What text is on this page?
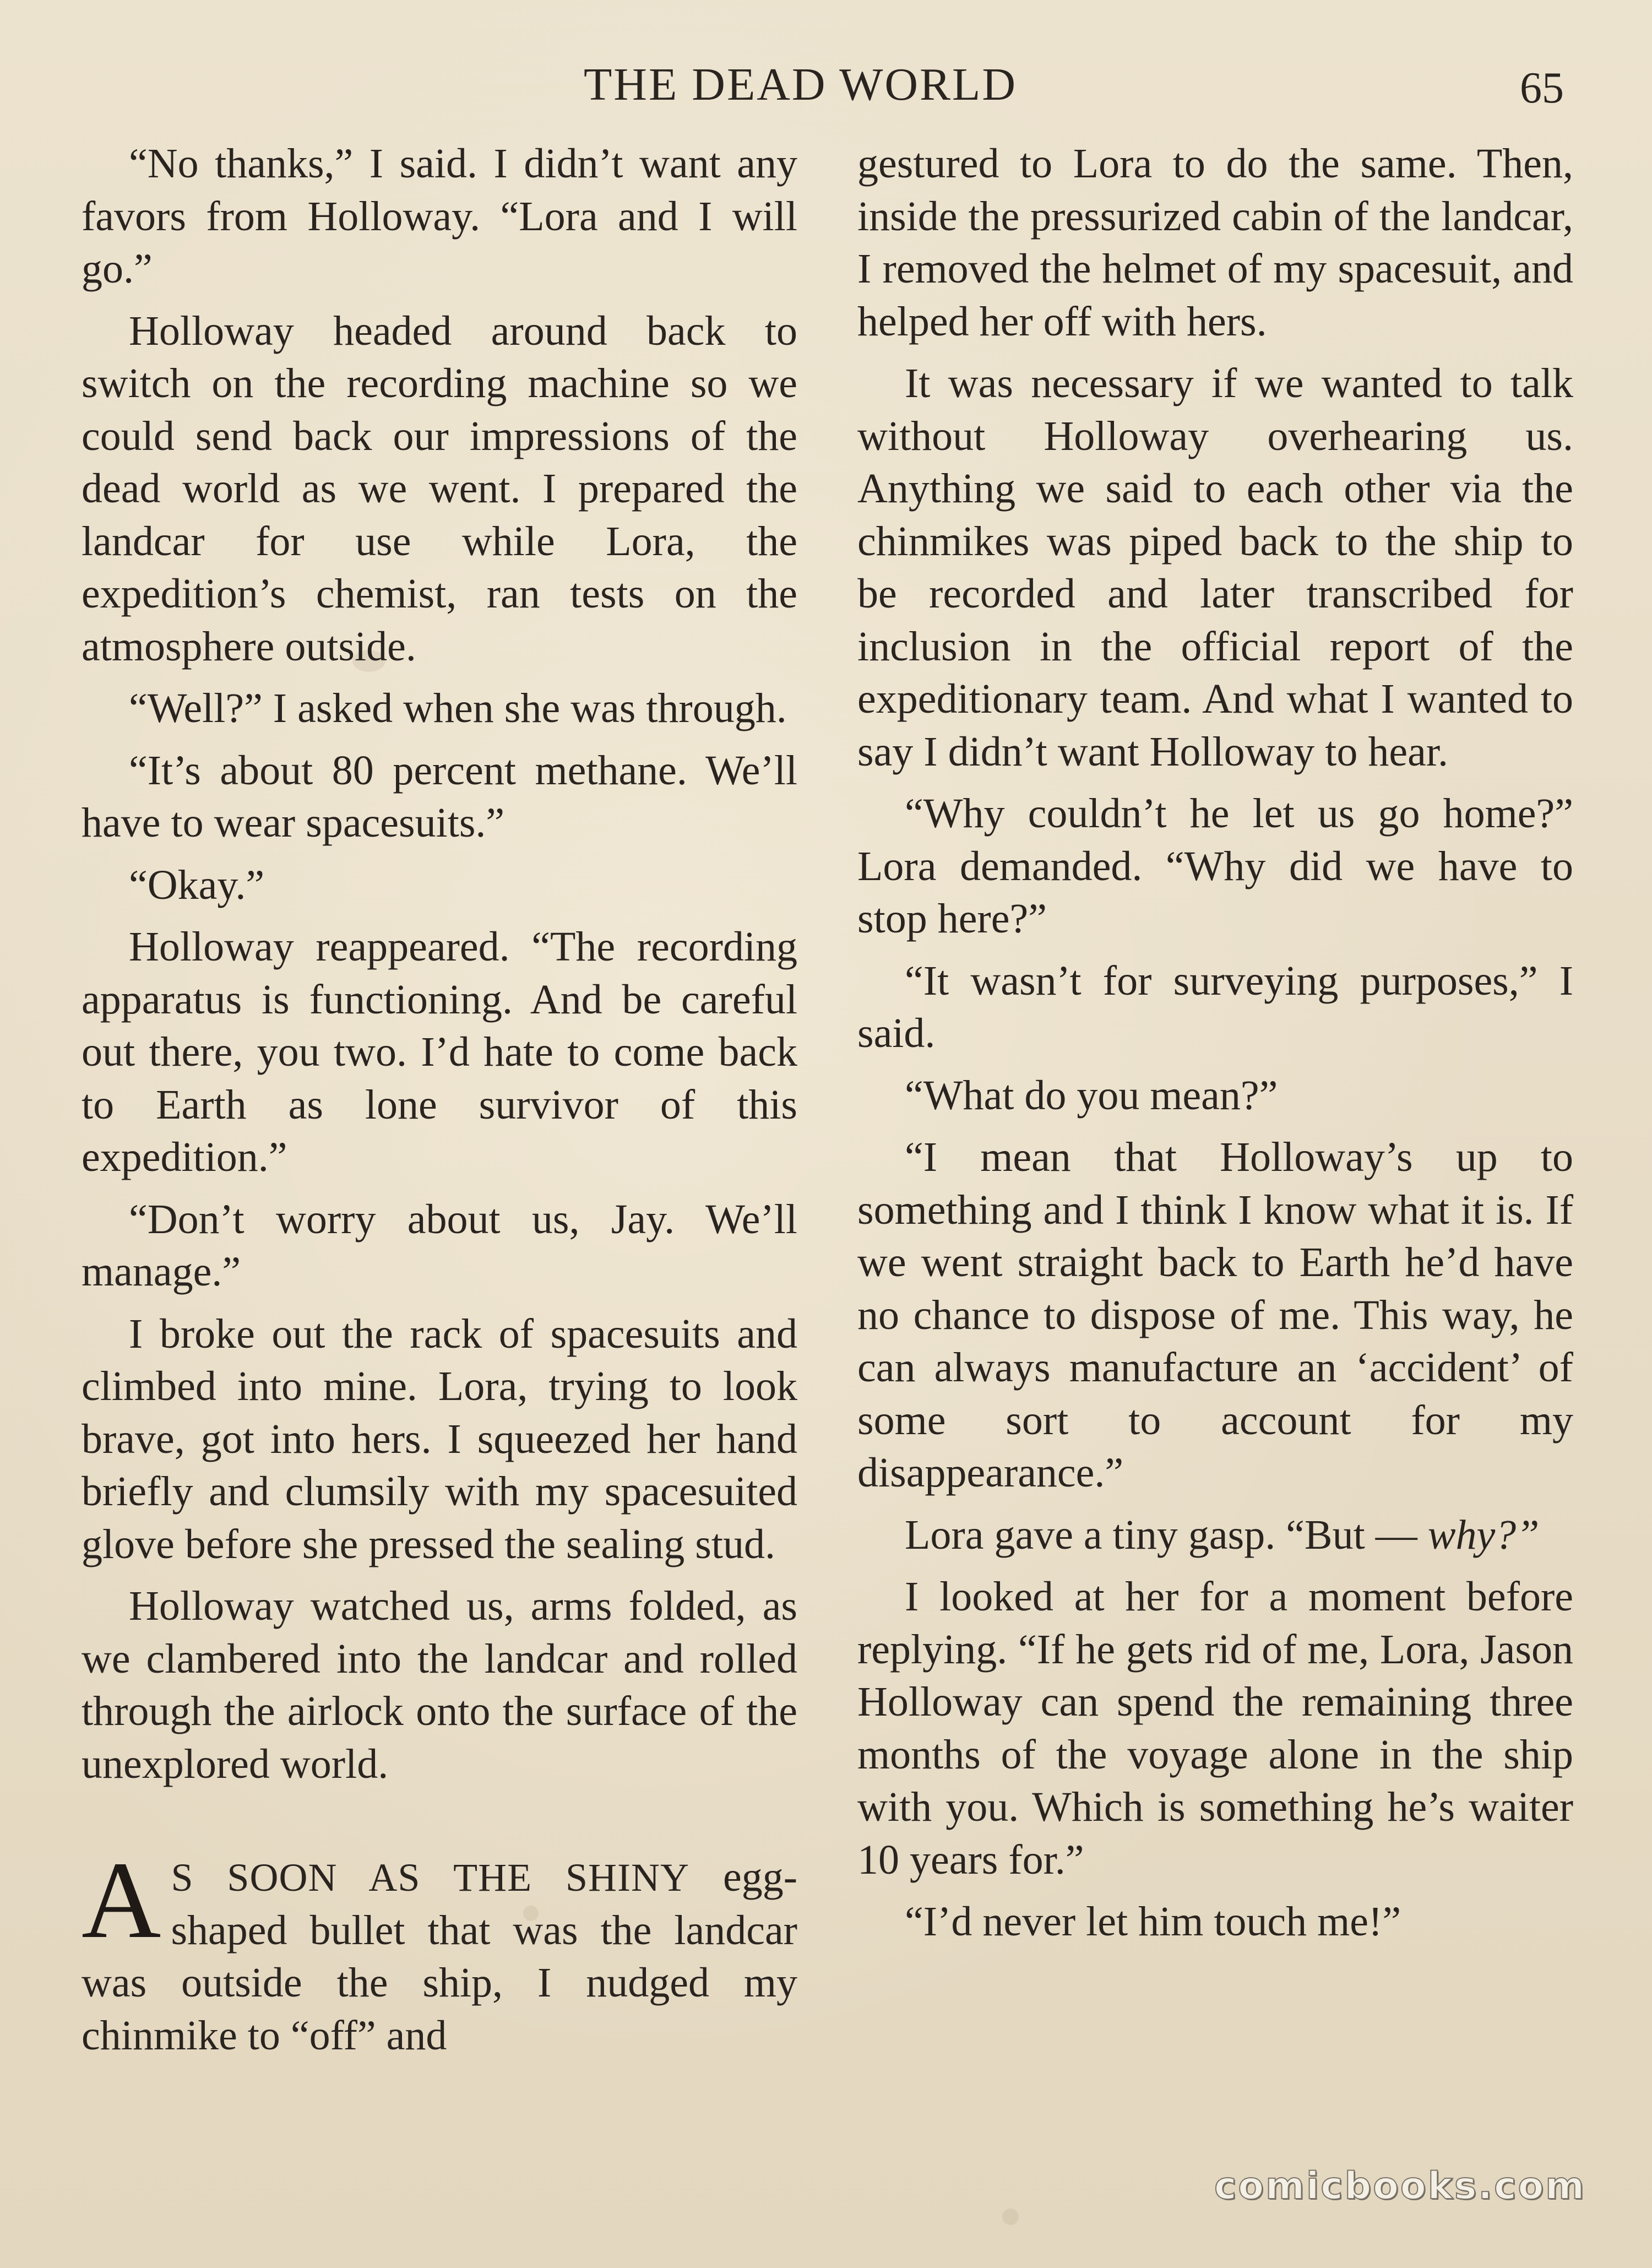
THE DEAD WORLD	65

“No thanks,” I said. I didn’t want any favors from Holloway. “Lora and I will go.”

Holloway headed around back to switch on the recording machine so we could send back our impressions of the dead world as we went. I prepared the landcar for use while Lora, the expedition’s chemist, ran tests on the atmosphere outside.

“Well?” I asked when she was through.

“It’s about 80 percent methane. We’ll have to wear spacesuits.”

“Okay.”

Holloway reappeared. “The recording apparatus is functioning. And be careful out there, you two. I’d hate to come back to Earth as lone survivor of this expedition.”

“Don’t worry about us, Jay. We’ll manage.”

I broke out the rack of spacesuits and climbed into mine. Lora, trying to look brave, got into hers. I squeezed her hand briefly and clumsily with my spacesuited glove before she pressed the sealing stud.

Holloway watched us, arms folded, as we clambered into the landcar and rolled through the airlock onto the surface of the unexplored world.

A S SOON AS THE SHINY egg-shaped bullet that was the landcar was outside the ship, I nudged my chinmike to “off” and

gestured to Lora to do the same. Then, inside the pressurized cabin of the landcar, I removed the helmet of my spacesuit, and helped her off with hers.

It was necessary if we wanted to talk without Holloway overhearing us. Anything we said to each other via the chinmikes was piped back to the ship to be recorded and later transcribed for inclusion in the official report of the expeditionary team. And what I wanted to say I didn’t want Holloway to hear.

“Why couldn’t he let us go home?” Lora demanded. “Why did we have to stop here?”

“It wasn’t for surveying purposes,” I said.

“What do you mean?”

“I mean that Holloway’s up to something and I think I know what it is. If we went straight back to Earth he’d have no chance to dispose of me. This way, he can always manufacture an ‘accident’ of some sort to account for my disappearance.”

Lora gave a tiny gasp. “But — why?”

I looked at her for a moment before replying. “If he gets rid of me, Lora, Jason Holloway can spend the remaining three months of the voyage alone in the ship with you. Which is something he’s waiter 10 years for.”

“I’d never let him touch me!”

comicbooks.com
